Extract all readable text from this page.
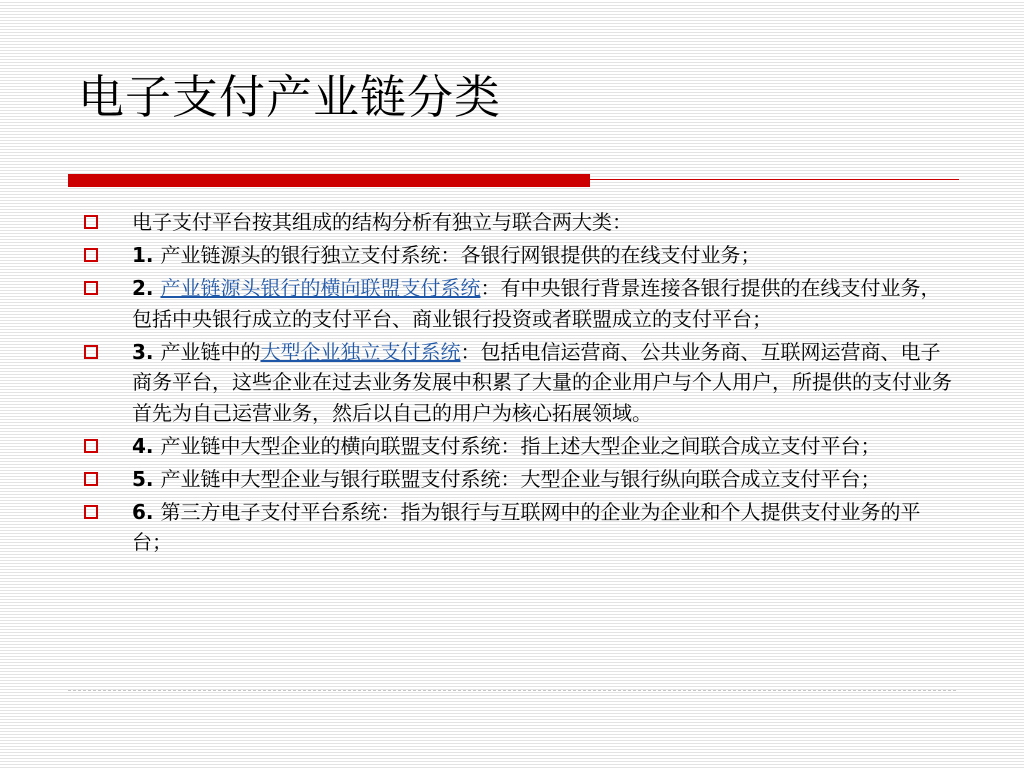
电子支付产业链分类
电子支付平台按其组成的结构分析有独立与联合两大类：
1. 产业链源头的银行独立支付系统：各银行网银提供的在线支付业务；
2. 产业链源头银行的横向联盟支付系统：有中央银行背景连接各银行提供的在线支付业务，包括中央银行成立的支付平台、商业银行投资或者联盟成立的支付平台；
3. 产业链中的大型企业独立支付系统：包括电信运营商、公共业务商、互联网运营商、电子商务平台，这些企业在过去业务发展中积累了大量的企业用户与个人用户，所提供的支付业务首先为自己运营业务，然后以自己的用户为核心拓展领域。
4. 产业链中大型企业的横向联盟支付系统：指上述大型企业之间联合成立支付平台；
5. 产业链中大型企业与银行联盟支付系统：大型企业与银行纵向联合成立支付平台；
6. 第三方电子支付平台系统：指为银行与互联网中的企业为企业和个人提供支付业务的平台；
